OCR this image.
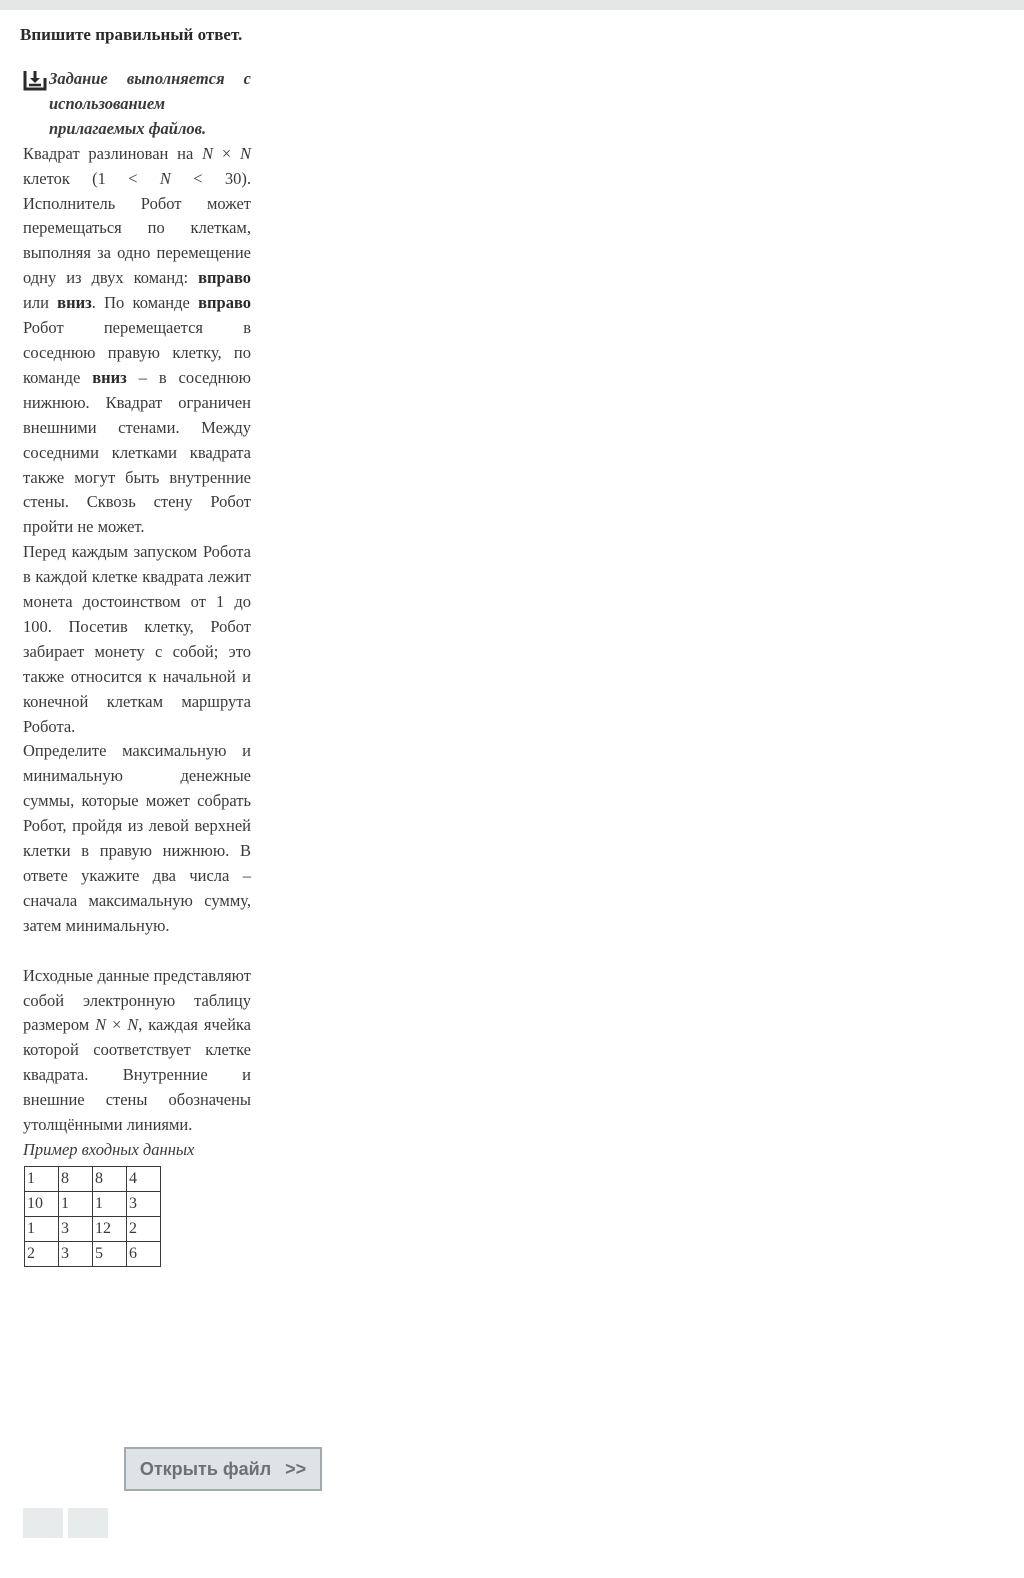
Впишите правильный ответ.
Задание выполняется с использованием прилагаемых файлов.

Квадрат разлинован на N × N клеток (1 < N < 30). Исполнитель Робот может перемещаться по клеткам, выполняя за одно перемещение одну из двух команд: вправо или вниз. По команде вправо Робот перемещается в соседнюю правую клетку, по команде вниз – в соседнюю нижнюю. Квадрат ограничен внешними стенами. Между соседними клетками квадрата также могут быть внутренние стены. Сквозь стену Робот пройти не может.

Перед каждым запуском Робота в каждой клетке квадрата лежит монета достоинством от 1 до 100. Посетив клетку, Робот забирает монету с собой; это также относится к начальной и конечной клеткам маршрута Робота.

Определите максимальную и минимальную денежные суммы, которые может собрать Робот, пройдя из левой верхней клетки в правую нижнюю. В ответе укажите два числа – сначала максимальную сумму, затем минимальную.

Исходные данные представляют собой электронную таблицу размером N × N, каждая ячейка которой соответствует клетке квадрата. Внутренние и внешние стены обозначены утолщёнными линиями.

Пример входных данных
1	8	8	4
10	1	1	3
1	3	12	2
2	3	5	6
Открыть файл >>
